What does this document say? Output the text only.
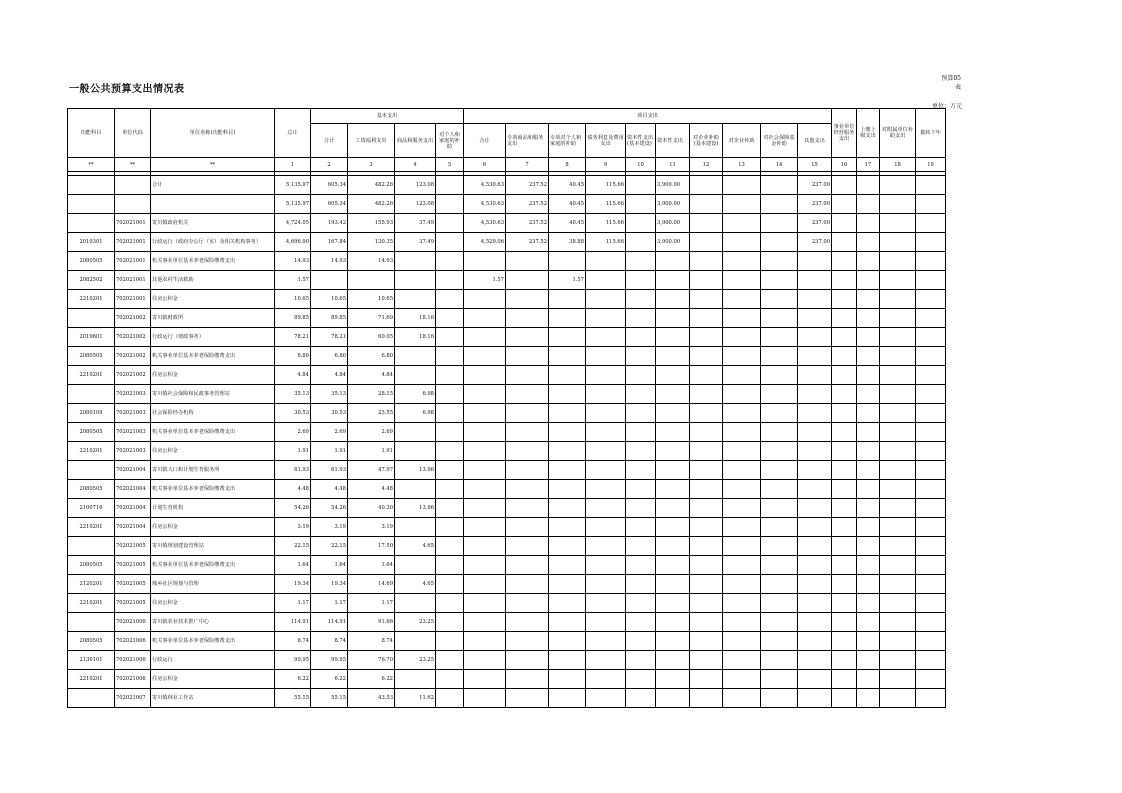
一般公共预算支出情况表
预算05
表
单位：万元
功能科目	单位代码	单位名称(功能科目)	总计	基本支出				项目支出										事业单位经营服务支出	上缴上级支出	对附属单位补助支出	拨转下年
				合计	工资福利支出	商品和服务支出	对个人和家庭的补助	合计	专项商品和服务支出	专项对个人和家庭的补助	债务利息及费用支出	资本性支出(基本建设)	资本性支出	对企业补助(基本建设)	对企业补助	对社会保障基金补助	其他支出				
**	**	**	1	2	3	4	5	6	7	8	9	10	11	12	13	14	15	16	17	18	19

		合计	5,135.97	605.34	482.26	123.08		4,530.63	237.52	40.45	115.66		3,900.00				237.00				
			5,135.97	605.34	482.26	123.08		4,530.63	237.52	40.45	115.66		3,900.00				237.00				
	702021001	寄川镇政府机关	4,724.05	193.42	155.93	37.49		4,530.63	237.52	40.45	115.66		3,900.00				237.00				
2010301	702021001	行政运行（政府办公厅（室）及相关机构事务）	4,696.90	167.84	130.35	37.49		4,529.06	237.52	38.88	115.66		3,900.00				237.00				
2080505	702021001	机关事业单位基本养老保险缴费支出	14.93	14.93	14.93																
2082502	702021001	其他农村生活救助	1.57					1.57		1.57											
2210201	702021001	住房公积金	10.65	10.65	10.65																
	702021002	寄川镇财政所	89.85	89.85	71.69	18.16															
2010601	702021002	行政运行（财政事务）	78.21	78.21	60.05	18.16															
2080505	702021002	机关事业单位基本养老保险缴费支出	6.80	6.80	6.80																
2210201	702021002	住房公积金	4.84	4.84	4.84																
	702021003	寄川镇社会保障和民政事务管理站	35.13	35.13	28.15	6.98															
2080109	702021003	社会保险经办机构	30.53	30.53	23.55	6.98															
2080505	702021003	机关事业单位基本养老保险缴费支出	2.69	2.69	2.69																
2210201	702021003	住房公积金	1.91	1.91	1.91																
	702021004	寄川镇人口和计划生育服务所	61.93	61.93	47.97	13.96															
2080505	702021004	机关事业单位基本养老保险缴费支出	4.48	4.48	4.48																
2100716	702021004	计划生育机构	54.26	54.26	40.30	13.96															
2210201	702021004	住房公积金	3.19	3.19	3.19																
	702021005	寄川镇规划建设管理站	22.15	22.15	17.50	4.65															
2080505	702021005	机关事业单位基本养老保险缴费支出	1.64	1.64	1.64																
2120201	702021005	城乡社区规划与管理	19.34	19.34	14.69	4.65															
2210201	702021005	住房公积金	1.17	1.17	1.17																
	702021006	寄川镇农业技术推广中心	114.91	114.91	91.66	23.25															
2080505	702021006	机关事业单位基本养老保险缴费支出	8.74	8.74	8.74																
2130101	702021006	行政运行	99.95	99.95	76.70	23.25															
2210201	702021006	住房公积金	6.22	6.22	6.22																
	702021007	寄川镇林业工作站	55.15	55.15	43.53	11.62															
